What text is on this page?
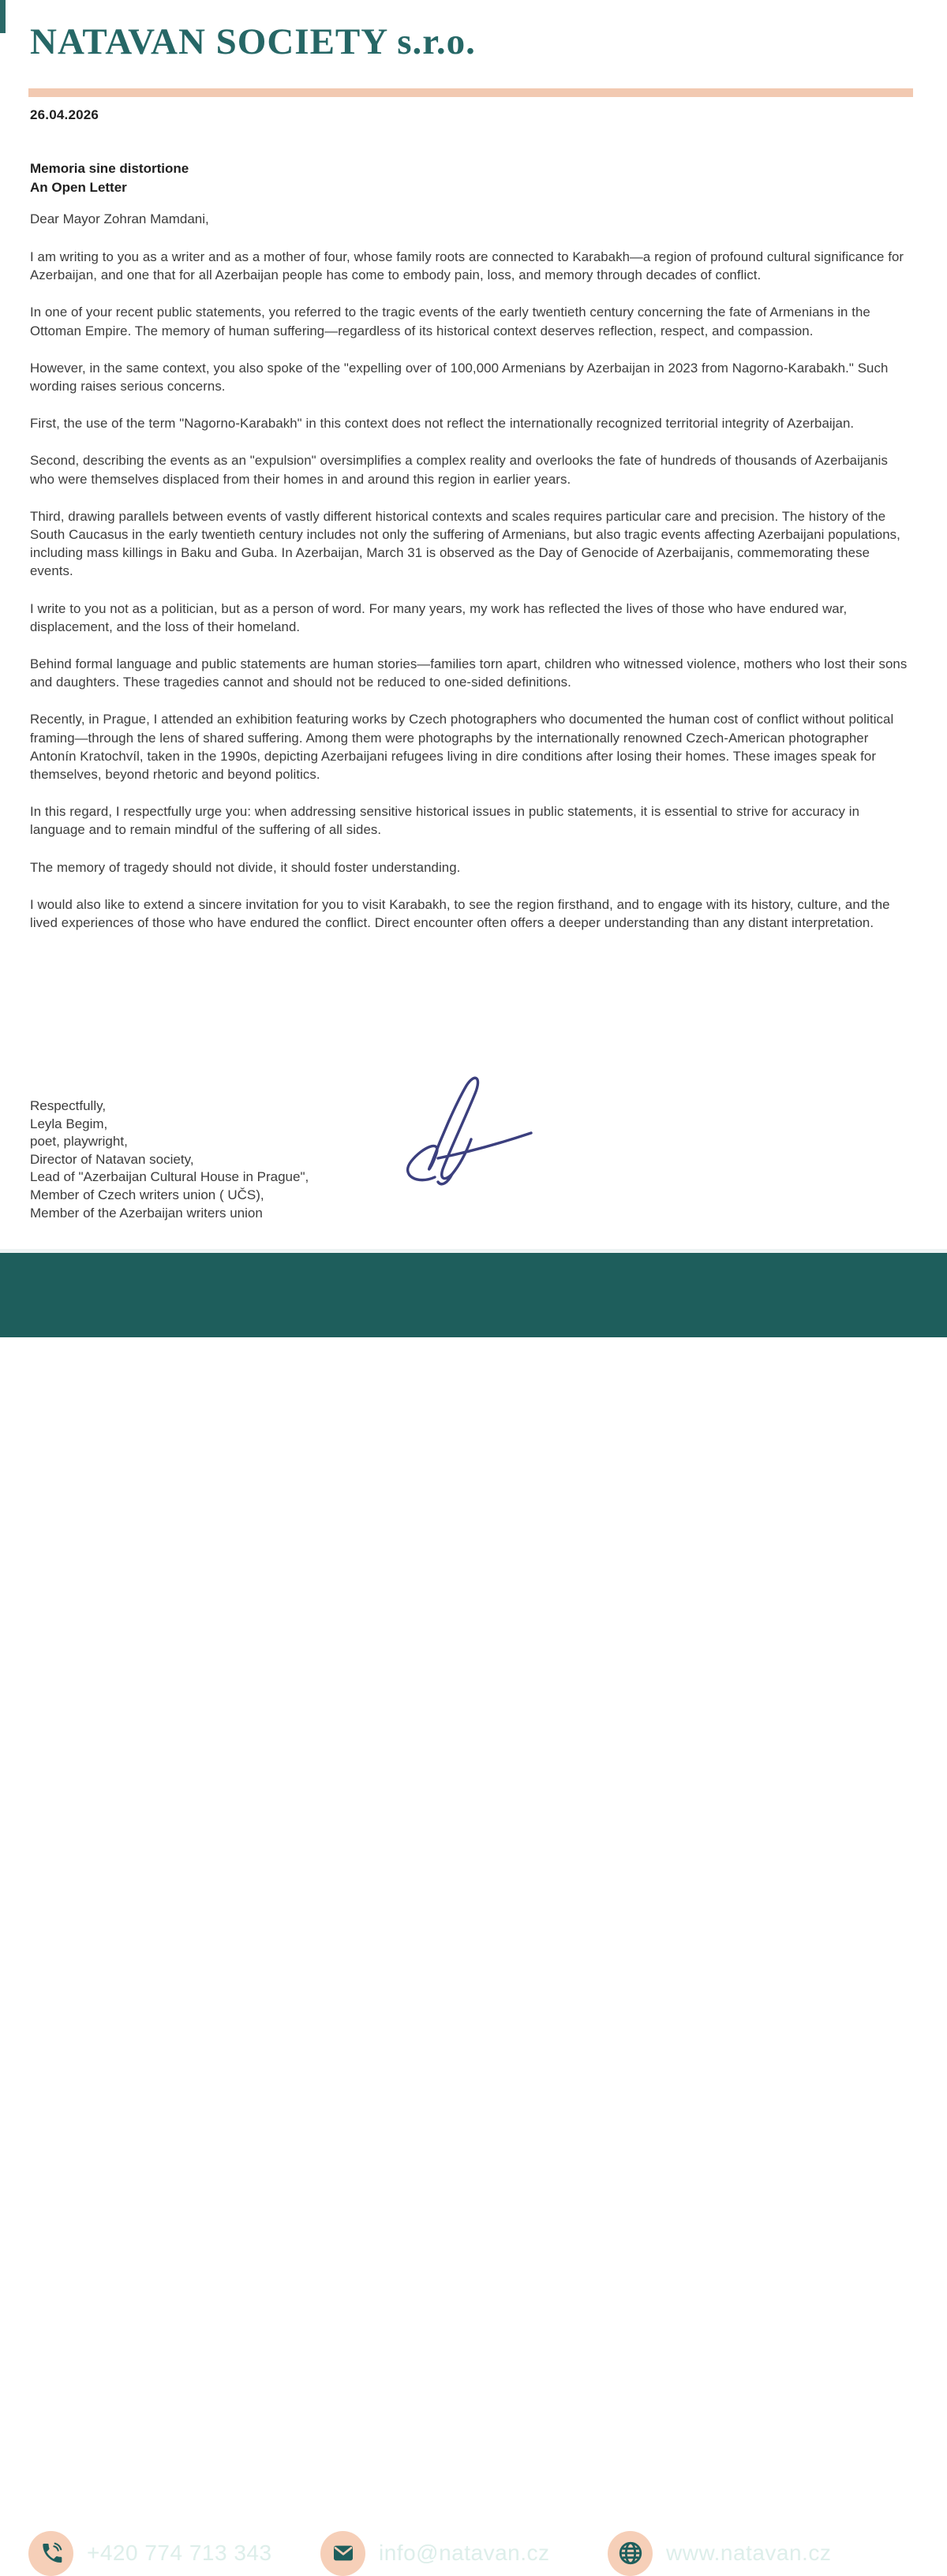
NATAVAN SOCIETY s.r.o.
26.04.2026
Memoria sine distortione
An Open Letter
Dear Mayor Zohran Mamdani,

I am writing to you as a writer and as a mother of four, whose family roots are connected to Karabakh—a region of profound cultural significance for Azerbaijan, and one that for all Azerbaijan people has come to embody pain, loss, and memory through decades of conflict.

In one of your recent public statements, you referred to the tragic events of the early twentieth century concerning the fate of Armenians in the Ottoman Empire. The memory of human suffering—regardless of its historical context deserves reflection, respect, and compassion.

However, in the same context, you also spoke of the "expelling over of 100,000 Armenians by Azerbaijan in 2023 from Nagorno-Karabakh." Such wording raises serious concerns.

First, the use of the term "Nagorno-Karabakh" in this context does not reflect the internationally recognized territorial integrity of Azerbaijan.

Second, describing the events as an "expulsion" oversimplifies a complex reality and overlooks the fate of hundreds of thousands of Azerbaijanis who were themselves displaced from their homes in and around this region in earlier years.

Third, drawing parallels between events of vastly different historical contexts and scales requires particular care and precision. The history of the South Caucasus in the early twentieth century includes not only the suffering of Armenians, but also tragic events affecting Azerbaijani populations, including mass killings in Baku and Guba. In Azerbaijan, March 31 is observed as the Day of Genocide of Azerbaijanis, commemorating these events.

I write to you not as a politician, but as a person of word. For many years, my work has reflected the lives of those who have endured war, displacement, and the loss of their homeland.

Behind formal language and public statements are human stories—families torn apart, children who witnessed violence, mothers who lost their sons and daughters. These tragedies cannot and should not be reduced to one-sided definitions.

Recently, in Prague, I attended an exhibition featuring works by Czech photographers who documented the human cost of conflict without political framing—through the lens of shared suffering. Among them were photographs by the internationally renowned Czech-American photographer Antonín Kratochvíl, taken in the 1990s, depicting Azerbaijani refugees living in dire conditions after losing their homes. These images speak for themselves, beyond rhetoric and beyond politics.

In this regard, I respectfully urge you: when addressing sensitive historical issues in public statements, it is essential to strive for accuracy in language and to remain mindful of the suffering of all sides.

The memory of tragedy should not divide, it should foster understanding.

I would also like to extend a sincere invitation for you to visit Karabakh, to see the region firsthand, and to engage with its history, culture, and the lived experiences of those who have endured the conflict. Direct encounter often offers a deeper understanding than any distant interpretation.

Respectfully,
Leyla Begim,
poet, playwright,
Director of Natavan society,
Lead of "Azerbaijan Cultural House in Prague",
Member of Czech writers union ( UČS),
Member of the Azerbaijan writers union
+420 774 713 343	info@natavan.cz	www.natavan.cz
